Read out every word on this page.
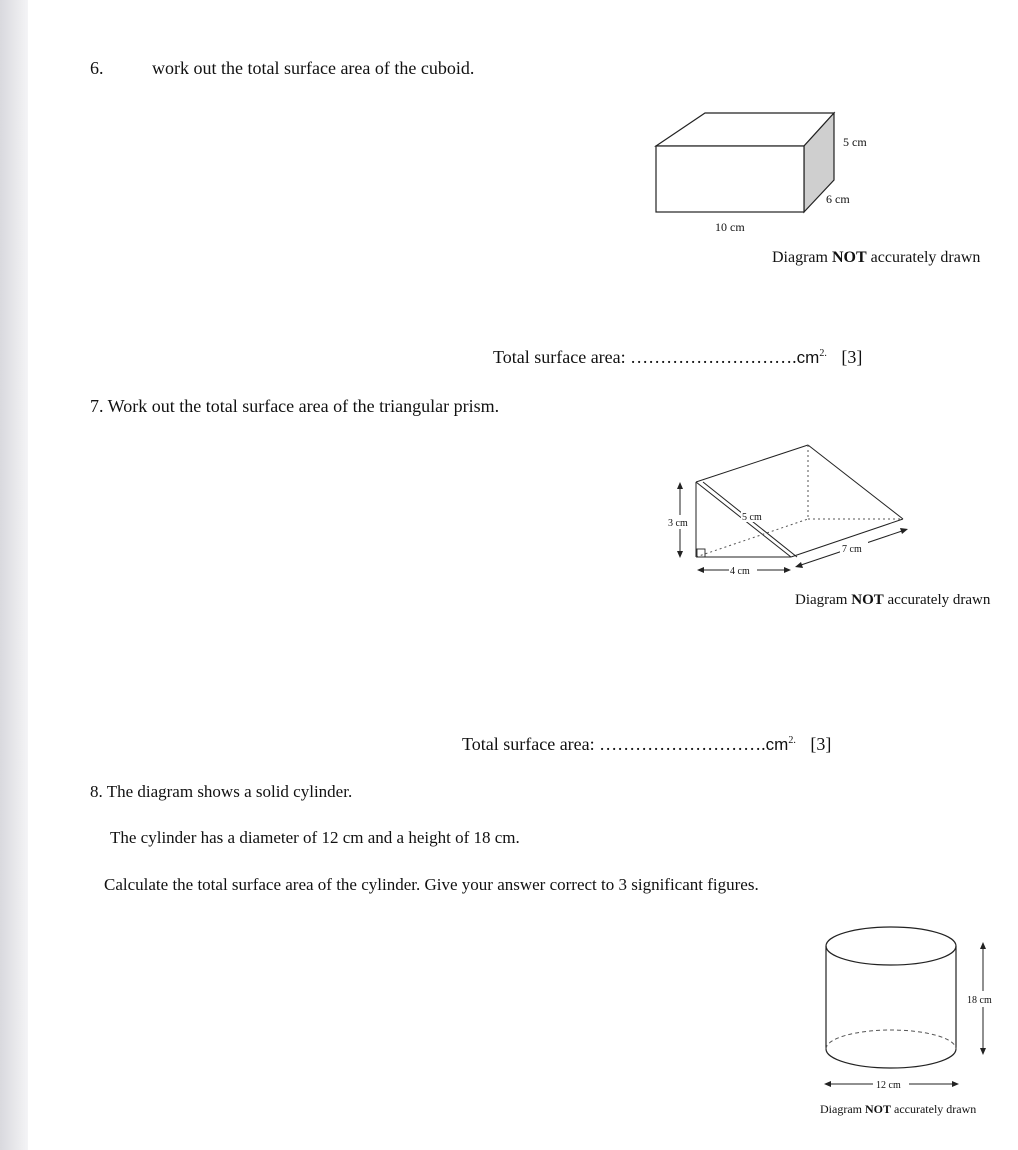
6.	work out the total surface area of the cuboid.
5 cm
6 cm
10 cm
3 cm
4 cm
7 cm
5 cm
18 cm
12 cm
Diagram NOT accurately drawn
Total surface area: $\dots\dots\dots\dots\dots\dots\dots\dots\dots.cm^{2.}$ [3]
7. Work out the total surface area of the triangular prism.
Diagram NOT accurately drawn
Total surface area: $\dots\dots\dots\dots\dots\dots\dots\dots\dots.cm^{2.}$ [3]
8. The diagram shows a solid cylinder.
The cylinder has a diameter of 12 cm and a height of 18 cm.
Calculate the total surface area of the cylinder. Give your answer correct to 3 significant figures.
Diagram NOT accurately drawn
